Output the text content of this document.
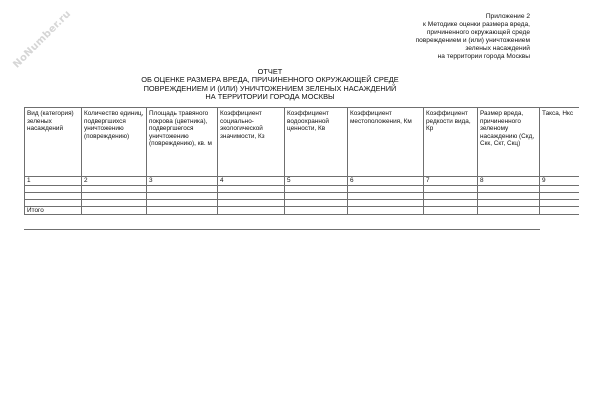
NoNumber.ru	Приложение 2
к Методике оценки размера вреда,
причиненного окружающей среде
повреждением и (или) уничтожением
зеленых насаждений
на территории города Москвы
ОТЧЕТ
ОБ ОЦЕНКЕ РАЗМЕРА ВРЕДА, ПРИЧИНЕННОГО ОКРУЖАЮЩЕЙ СРЕДЕ
ПОВРЕЖДЕНИЕМ И (ИЛИ) УНИЧТОЖЕНИЕМ ЗЕЛЕНЫХ НАСАЖДЕНИЙ
НА ТЕРРИТОРИИ ГОРОДА МОСКВЫ
Вид (категория) зеленых насаждений	Количество единиц, подвергшихся уничтожению (повреждению)	Площадь травяного покрова (цветника), подвергшегося уничтожению (повреждению), кв. м	Коэффициент социально-экологической значимости, Кз	Коэффициент водоохранной ценности, Кв	Коэффициент местоположения, Км	Коэффициент редкости вида, Кр	Размер вреда, причиненного зеленому насаждению (Скд, Скк, Скт, Скц)	Такса, Нкс
1	2	3	4	5	6	7	8	9

Итого								
